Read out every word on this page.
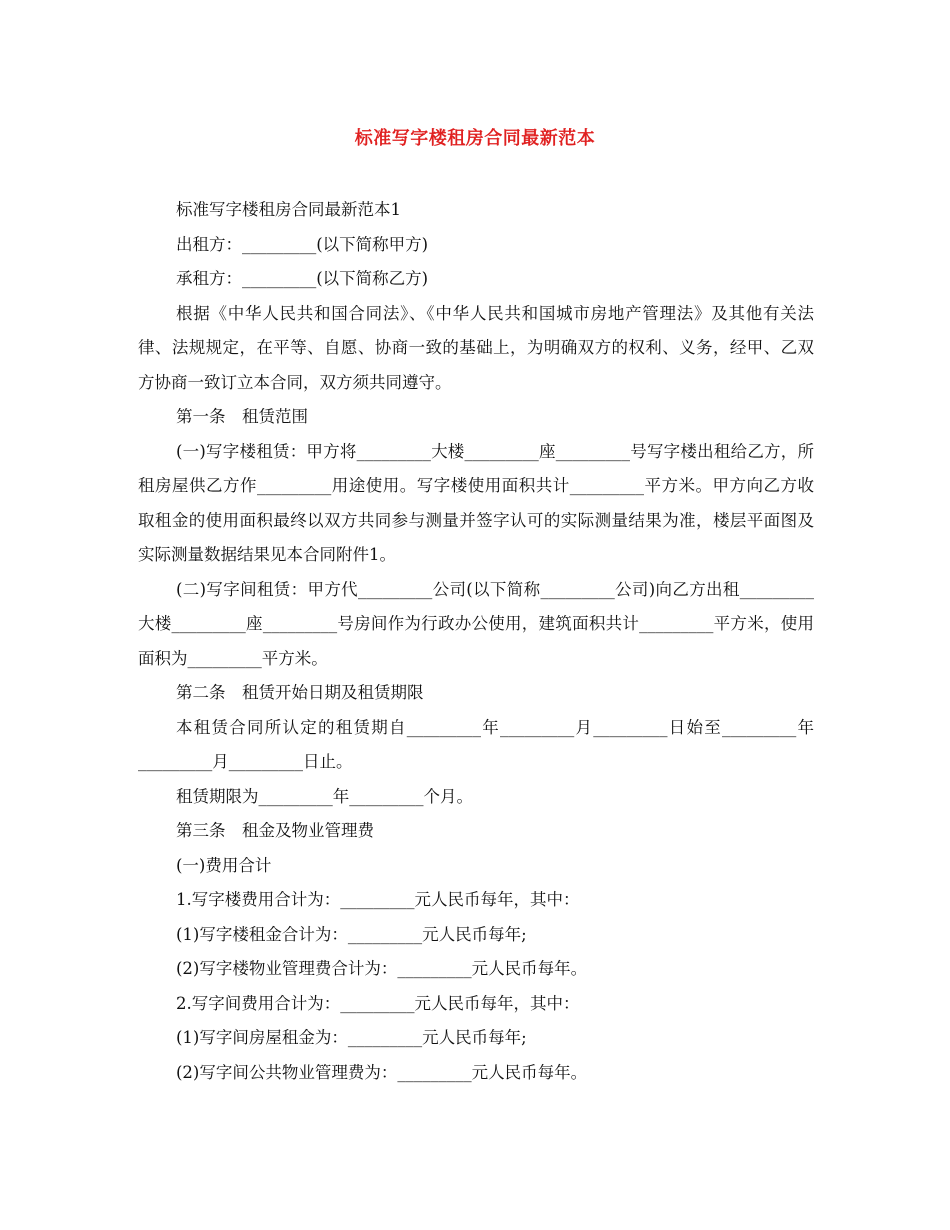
标准写字楼租房合同最新范本

标准写字楼租房合同最新范本1

出租方：_________(以下简称甲方)

承租方：_________(以下简称乙方)

根据《中华人民共和国合同法》、《中华人民共和国城市房地产管理法》及其他有关法律、法规规定，在平等、自愿、协商一致的基础上，为明确双方的权利、义务，经甲、乙双方协商一致订立本合同，双方须共同遵守。

第一条　租赁范围

(一)写字楼租赁：甲方将_________大楼_________座_________号写字楼出租给乙方，所租房屋供乙方作_________用途使用。写字楼使用面积共计_________平方米。甲方向乙方收取租金的使用面积最终以双方共同参与测量并签字认可的实际测量结果为准，楼层平面图及实际测量数据结果见本合同附件1。

(二)写字间租赁：甲方代_________公司(以下简称_________公司)向乙方出租_________大楼_________座_________号房间作为行政办公使用，建筑面积共计_________平方米，使用面积为_________平方米。

第二条　租赁开始日期及租赁期限

本租赁合同所认定的租赁期自_________年_________月_________日始至_________年_________月_________日止。

租赁期限为_________年_________个月。

第三条　租金及物业管理费

(一)费用合计

1.写字楼费用合计为：_________元人民币每年，其中：

(1)写字楼租金合计为：_________元人民币每年;

(2)写字楼物业管理费合计为：_________元人民币每年。

2.写字间费用合计为：_________元人民币每年，其中：

(1)写字间房屋租金为：_________元人民币每年;

(2)写字间公共物业管理费为：_________元人民币每年。
